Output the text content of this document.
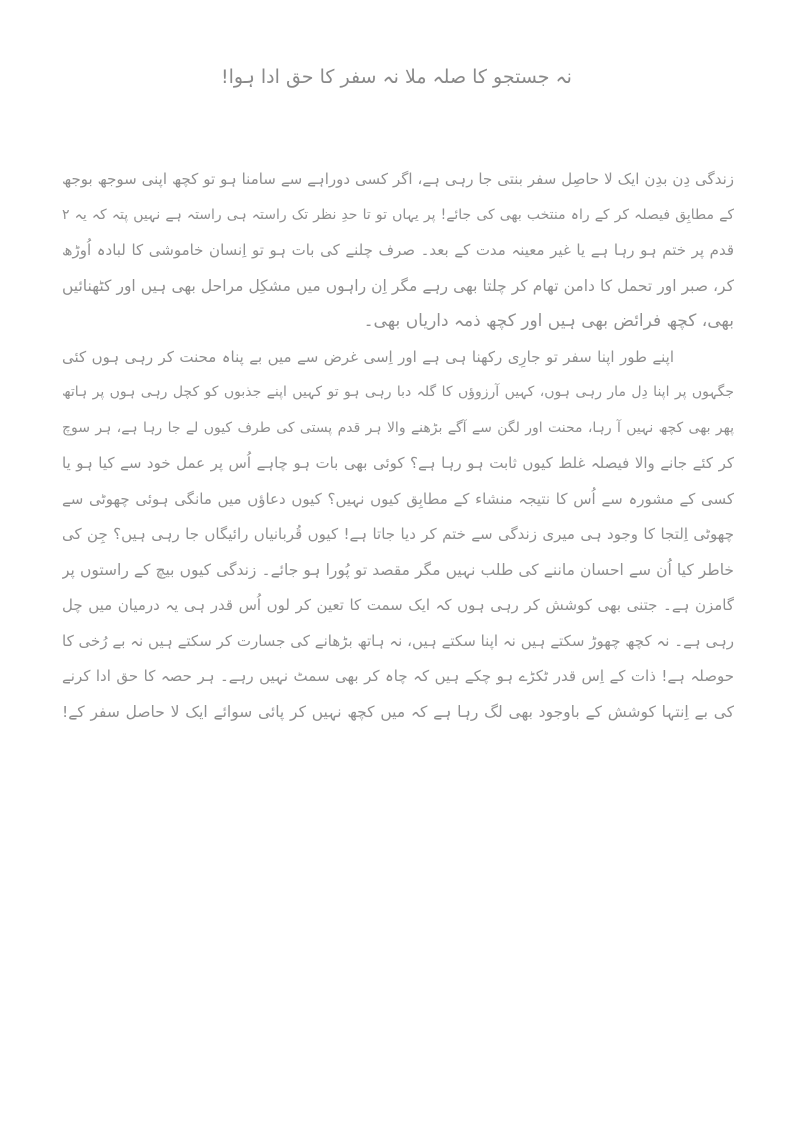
نہ جستجو کا صلہ ملا نہ سفر کا حق ادا ہوا!
زندگی دِن بدِن ایک لا حاصِل سفر بنتی جا رہی ہے، اگر کسی دوراہے سے سامنا ہو تو کچھ اپنی سوجھ بوجھ
کے مطابِق فیصلہ کر کے راہ منتخب بھی کی جائے! پر یہاں تو تا حدِ نظر تک راستہ ہی راستہ ہے نہیں پتہ کہ یہ ۲
قدم پر ختم ہو رہا ہے یا غیر معینہ مدت کے بعد۔ صرف چلنے کی بات ہو تو اِنسان خاموشی کا لبادہ اُوڑھ
کر، صبر اور تحمل کا دامن تھام کر چلتا بھی رہے مگر اِن راہوں میں مشکِل مراحل بھی ہیں اور کٹھنائیں
بھی، کچھ فرائض بھی ہیں اور کچھ ذمہ داریاں بھی۔
اپنے طور اپنا سفر تو جارِی رکھنا ہی ہے اور اِسی غرض سے میں بے پناہ محنت کر رہی ہوں کئی
جگہوں پر اپنا دِل مار رہی ہوں، کہیں آرزوؤں کا گلہ دبا رہی ہو تو کہیں اپنے جذبوں کو کچل رہی ہوں پر ہاتھ
پھر بھی کچھ نہیں آ رہا، محنت اور لگن سے آگے بڑھنے والا ہر قدم پستی کی طرف کیوں لے جا رہا ہے، ہر سوچ
کر کئے جانے والا فیصلہ غلط کیوں ثابت ہو رہا ہے؟ کوئی بھی بات ہو چاہے اُس پر عمل خود سے کیا ہو یا
کسی کے مشورہ سے اُس کا نتیجہ منشاء کے مطابِق کیوں نہیں؟ کیوں دعاؤں میں مانگی ہوئی چھوٹی سے
چھوٹی اِلتجا کا وجود ہی میری زندگی سے ختم کر دیا جاتا ہے! کیوں قُربانیاں رائیگاں جا رہی ہیں؟ جِن کی
خاطر کیا اُن سے احسان ماننے کی طلب نہیں مگر مقصد تو پُورا ہو جائے۔ زندگی کیوں بیچ کے راستوں پر
گامزن ہے۔ جتنی بھی کوشش کر رہی ہوں کہ ایک سمت کا تعین کر لوں اُس قدر ہی یہ درمیان میں چل
رہی ہے۔ نہ کچھ چھوڑ سکتے ہیں نہ اپنا سکتے ہیں، نہ ہاتھ بڑھانے کی جسارت کر سکتے ہیں نہ بے رُخی کا
حوصلہ ہے! ذات کے اِس قدر ٹکڑے ہو چکے ہیں کہ چاہ کر بھی سمٹ نہیں رہے۔ ہر حصہ کا حق ادا کرنے
کی بے اِنتہا کوشش کے باوجود بھی لگ رہا ہے کہ میں کچھ نہیں کر پائی سوائے ایک لا حاصل سفر کے!
